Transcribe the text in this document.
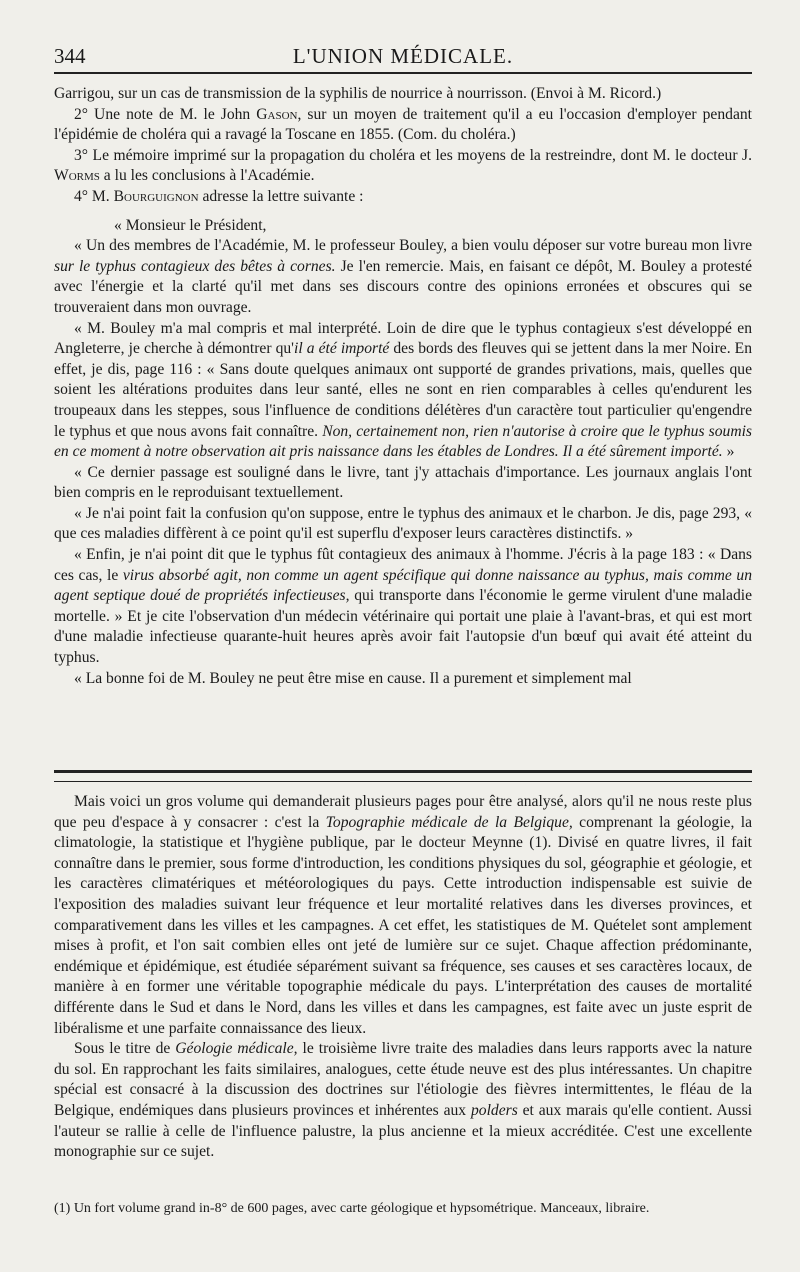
344	L'UNION MÉDICALE.

Garrigou, sur un cas de transmission de la syphilis de nourrice à nourrisson. (Envoi à M. Ricord.)

2° Une note de M. le John Gason, sur un moyen de traitement qu'il a eu l'occasion d'employer pendant l'épidémie de choléra qui a ravagé la Toscane en 1855. (Com. du choléra.)

3° Le mémoire imprimé sur la propagation du choléra et les moyens de la restreindre, dont M. le docteur J. Worms a lu les conclusions à l'Académie.

4° M. Bourguignon adresse la lettre suivante :

« Monsieur le Président,

« Un des membres de l'Académie, M. le professeur Bouley, a bien voulu déposer sur votre bureau mon livre sur le typhus contagieux des bêtes à cornes. Je l'en remercie. Mais, en faisant ce dépôt, M. Bouley a protesté avec l'énergie et la clarté qu'il met dans ses discours contre des opinions erronées et obscures qui se trouveraient dans mon ouvrage.

« M. Bouley m'a mal compris et mal interprété. Loin de dire que le typhus contagieux s'est développé en Angleterre, je cherche à démontrer qu'il a été importé des bords des fleuves qui se jettent dans la mer Noire. En effet, je dis, page 116 : « Sans doute quelques animaux ont supporté de grandes privations, mais, quelles que soient les altérations produites dans leur santé, elles ne sont en rien comparables à celles qu'endurent les troupeaux dans les steppes, sous l'influence de conditions délétères d'un caractère tout particulier qu'engendre le typhus et que nous avons fait connaître. Non, certainement non, rien n'autorise à croire que le typhus soumis en ce moment à notre observation ait pris naissance dans les étables de Londres. Il a été sûrement importé. »

« Ce dernier passage est souligné dans le livre, tant j'y attachais d'importance. Les journaux anglais l'ont bien compris en le reproduisant textuellement.

« Je n'ai point fait la confusion qu'on suppose, entre le typhus des animaux et le charbon. Je dis, page 293, « que ces maladies diffèrent à ce point qu'il est superflu d'exposer leurs caractères distinctifs. »

« Enfin, je n'ai point dit que le typhus fût contagieux des animaux à l'homme. J'écris à la page 183 : « Dans ces cas, le virus absorbé agit, non comme un agent spécifique qui donne naissance au typhus, mais comme un agent septique doué de propriétés infectieuses, qui transporte dans l'économie le germe virulent d'une maladie mortelle. » Et je cite l'observation d'un médecin vétérinaire qui portait une plaie à l'avant-bras, et qui est mort d'une maladie infectieuse quarante-huit heures après avoir fait l'autopsie d'un bœuf qui avait été atteint du typhus.

« La bonne foi de M. Bouley ne peut être mise en cause. Il a purement et simplement mal

Mais voici un gros volume qui demanderait plusieurs pages pour être analysé, alors qu'il ne nous reste plus que peu d'espace à y consacrer : c'est la Topographie médicale de la Belgique, comprenant la géologie, la climatologie, la statistique et l'hygiène publique, par le docteur Meynne (1). Divisé en quatre livres, il fait connaître dans le premier, sous forme d'introduction, les conditions physiques du sol, géographie et géologie, et les caractères climatériques et météorologiques du pays. Cette introduction indispensable est suivie de l'exposition des maladies suivant leur fréquence et leur mortalité relatives dans les diverses provinces, et comparativement dans les villes et les campagnes. A cet effet, les statistiques de M. Quételet sont amplement mises à profit, et l'on sait combien elles ont jeté de lumière sur ce sujet. Chaque affection prédominante, endémique et épidémique, est étudiée séparément suivant sa fréquence, ses causes et ses caractères locaux, de manière à en former une véritable topographie médicale du pays. L'interprétation des causes de mortalité différente dans le Sud et dans le Nord, dans les villes et dans les campagnes, est faite avec un juste esprit de libéralisme et une parfaite connaissance des lieux.

Sous le titre de Géologie médicale, le troisième livre traite des maladies dans leurs rapports avec la nature du sol. En rapprochant les faits similaires, analogues, cette étude neuve est des plus intéressantes. Un chapitre spécial est consacré à la discussion des doctrines sur l'étiologie des fièvres intermittentes, le fléau de la Belgique, endémiques dans plusieurs provinces et inhérentes aux polders et aux marais qu'elle contient. Aussi l'auteur se rallie à celle de l'influence palustre, la plus ancienne et la mieux accréditée. C'est une excellente monographie sur ce sujet.

(1) Un fort volume grand in-8° de 600 pages, avec carte géologique et hypsométrique. Manceaux, libraire.
